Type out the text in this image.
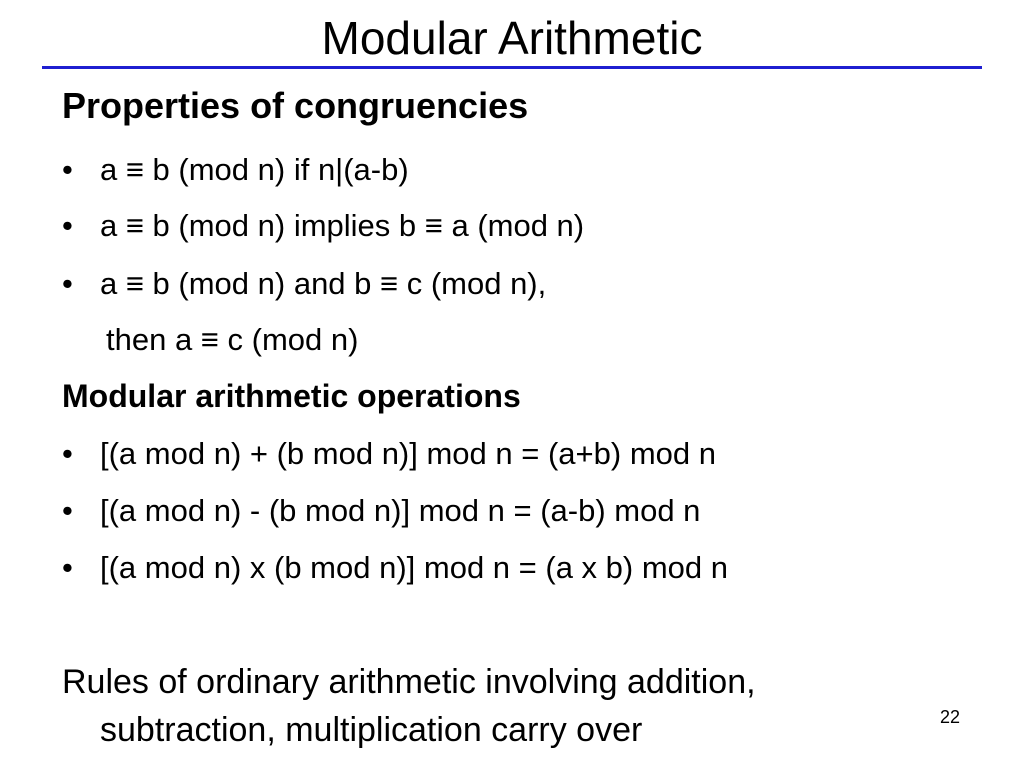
Modular Arithmetic

Properties of congruencies

• a ≡ b (mod n) if n|(a-b)

• a ≡ b (mod n) implies b ≡ a (mod n)

• a ≡ b (mod n) and b ≡ c (mod n),

then a ≡ c (mod n)

Modular arithmetic operations

• [(a mod n) + (b mod n)] mod n = (a+b) mod n

• [(a mod n) - (b mod n)] mod n = (a-b) mod n

• [(a mod n) x (b mod n)] mod n = (a x b) mod n

Rules of ordinary arithmetic involving addition,

subtraction, multiplication carry over	22
